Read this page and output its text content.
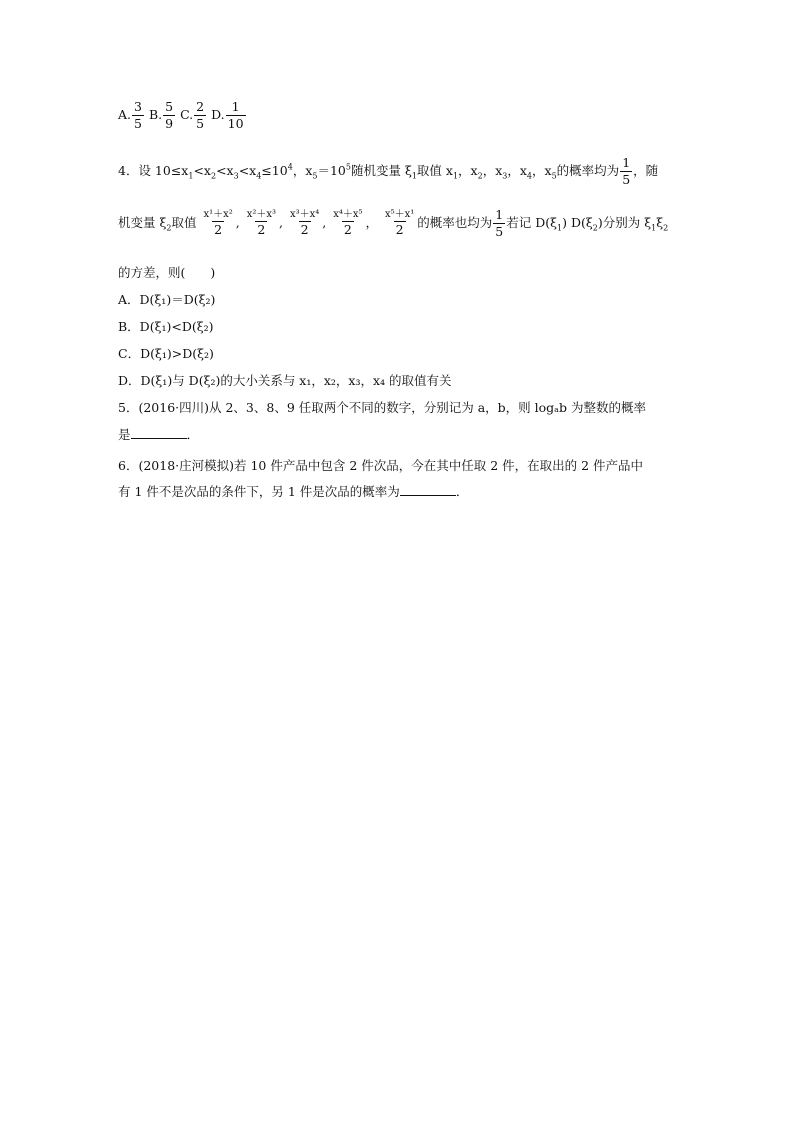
A. $\frac{3}{5} B$. $\frac{5}{9} C$. $\frac{2}{5} D$. $\frac{1}{10}$
4．设 $10\le x_1<x_2<x_3<x_4\le 10^4$，$x_5=10^5$随机变量 $\xi_1$取值 $x_1$，$x_2$，$x_3$，$x_4$，$x_5$的概率均为 $\frac{1}{5}$ ，随
机变量 $\xi_2$取值 $\frac{\text{x¹＋x²}}{2}$ , $\frac{\text{x²＋x³}}{2}$ , $\frac{\text{x³＋x⁴}}{2}$ , $\frac{\text{x⁴＋x⁵}}{2}$ ， $\frac{\text{x⁵＋x¹}}{2}$ 的概率也均为 $\frac{1}{5}$ 若记 $D(\xi_1)$ $D(\xi_2)$分别为 $\xi_1\xi_2$
的方差，则(　　)
A．D(ξ₁)＝D(ξ₂)
B．D(ξ₁)<D(ξ₂)
C．D(ξ₁)>D(ξ₂)
D．D(ξ₁)与 D(ξ₂)的大小关系与 x₁，x₂，x₃，x₄ 的取值有关
5．(2016·四川)从 2、3、8、9 任取两个不同的数字，分别记为 a，b，则 logₐb 为整数的概率
是	．
6．(2018·庄河模拟)若 10 件产品中包含 2 件次品，今在其中任取 2 件，在取出的 2 件产品中
有 1 件不是次品的条件下，另 1 件是次品的概率为	．
